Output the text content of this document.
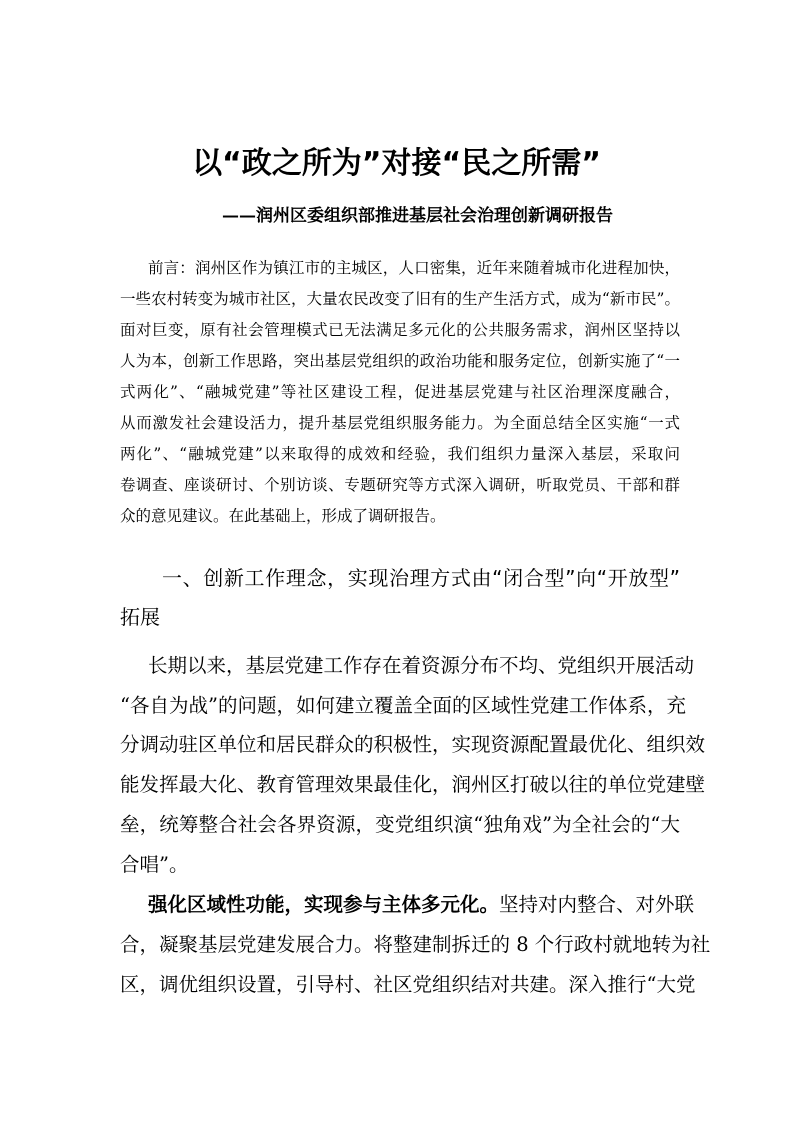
以“政之所为”对接“民之所需”
——润州区委组织部推进基层社会治理创新调研报告
前言：润州区作为镇江市的主城区，人口密集，近年来随着城市化进程加快，
一些农村转变为城市社区，大量农民改变了旧有的生产生活方式，成为“新市民”。
面对巨变，原有社会管理模式已无法满足多元化的公共服务需求，润州区坚持以
人为本，创新工作思路，突出基层党组织的政治功能和服务定位，创新实施了“一
式两化”、“融城党建”等社区建设工程，促进基层党建与社区治理深度融合，
从而激发社会建设活力，提升基层党组织服务能力。为全面总结全区实施“一式
两化”、“融城党建”以来取得的成效和经验，我们组织力量深入基层，采取问
卷调查、座谈研讨、个别访谈、专题研究等方式深入调研，听取党员、干部和群
众的意见建议。在此基础上，形成了调研报告。
一、创新工作理念，实现治理方式由“闭合型”向“开放型”
拓展
长期以来，基层党建工作存在着资源分布不均、党组织开展活动
“各自为战”的问题，如何建立覆盖全面的区域性党建工作体系，充
分调动驻区单位和居民群众的积极性，实现资源配置最优化、组织效
能发挥最大化、教育管理效果最佳化，润州区打破以往的单位党建壁
垒，统筹整合社会各界资源，变党组织演“独角戏”为全社会的“大
合唱”。
强化区域性功能，实现参与主体多元化。坚持对内整合、对外联
合，凝聚基层党建发展合力。将整建制拆迁的 8 个行政村就地转为社
区，调优组织设置，引导村、社区党组织结对共建。深入推行“大党
